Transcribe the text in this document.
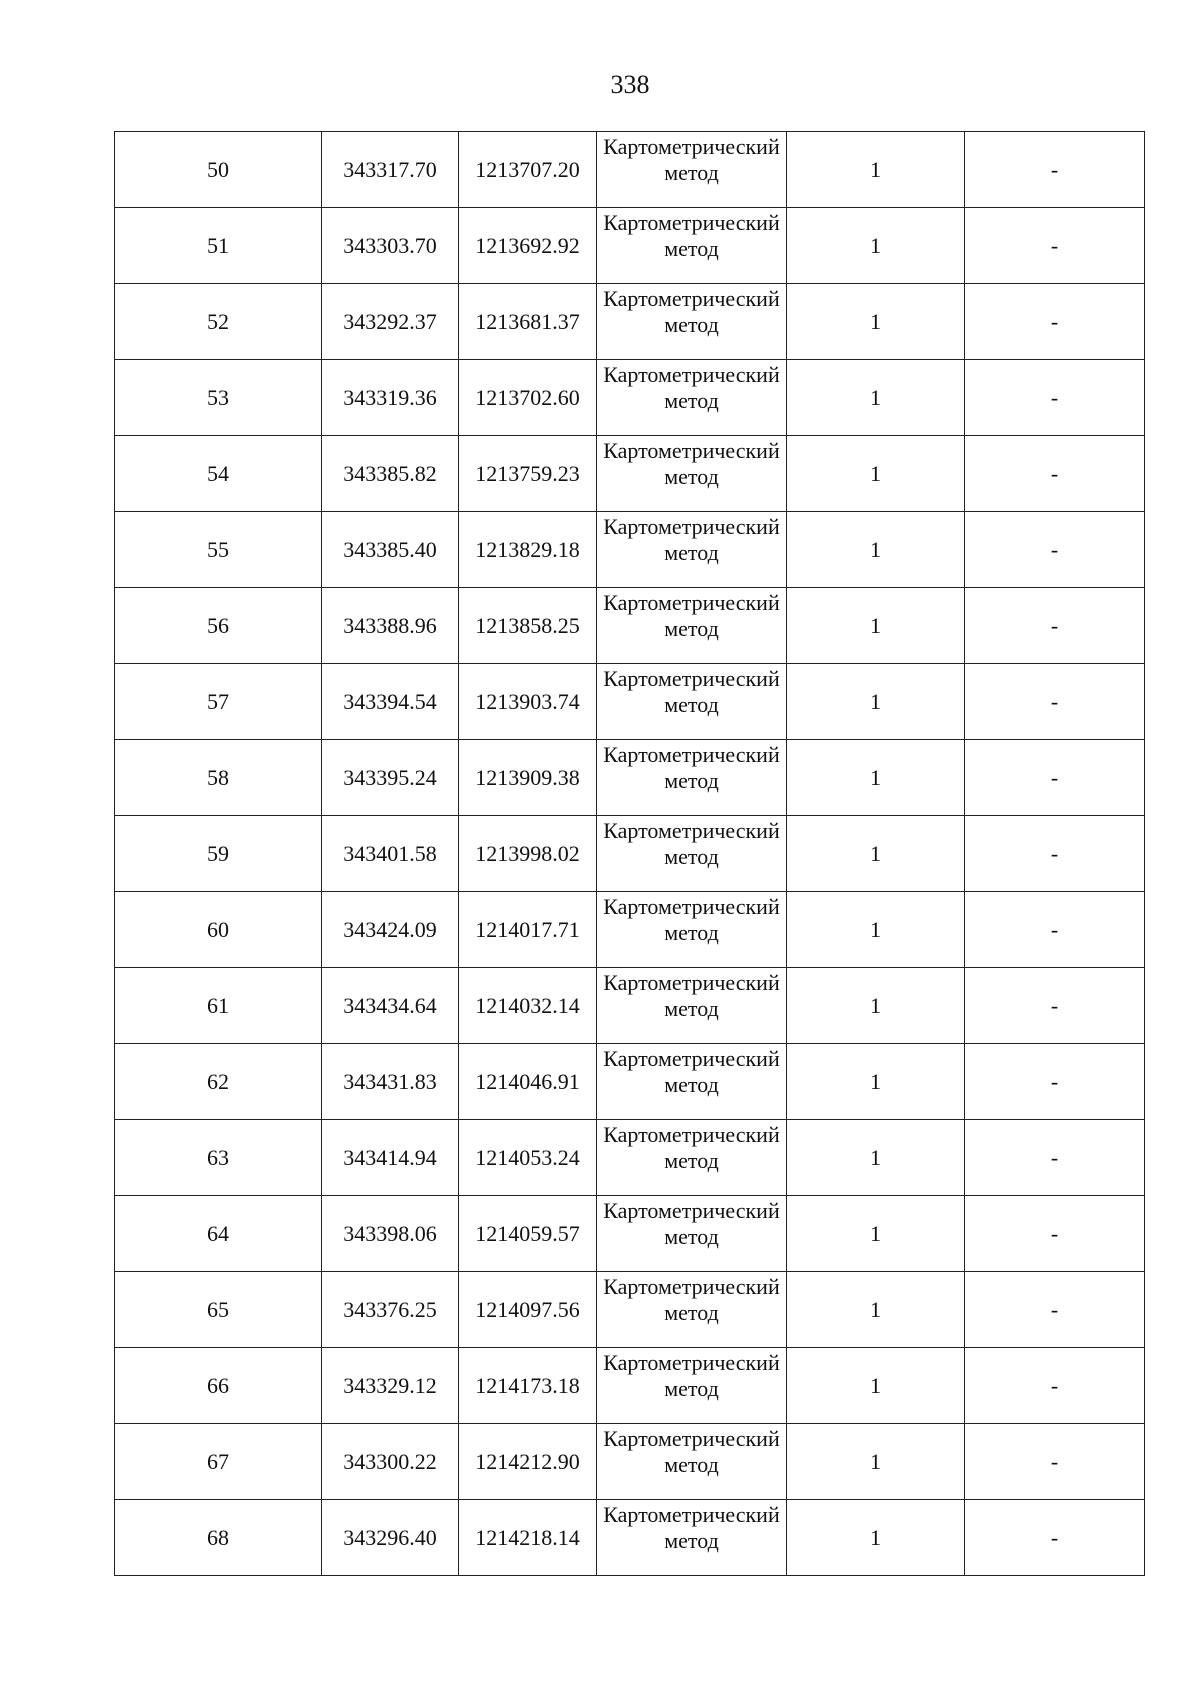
338
50	343317.70	1213707.20	Картометрический метод	1	-
51	343303.70	1213692.92	Картометрический метод	1	-
52	343292.37	1213681.37	Картометрический метод	1	-
53	343319.36	1213702.60	Картометрический метод	1	-
54	343385.82	1213759.23	Картометрический метод	1	-
55	343385.40	1213829.18	Картометрический метод	1	-
56	343388.96	1213858.25	Картометрический метод	1	-
57	343394.54	1213903.74	Картометрический метод	1	-
58	343395.24	1213909.38	Картометрический метод	1	-
59	343401.58	1213998.02	Картометрический метод	1	-
60	343424.09	1214017.71	Картометрический метод	1	-
61	343434.64	1214032.14	Картометрический метод	1	-
62	343431.83	1214046.91	Картометрический метод	1	-
63	343414.94	1214053.24	Картометрический метод	1	-
64	343398.06	1214059.57	Картометрический метод	1	-
65	343376.25	1214097.56	Картометрический метод	1	-
66	343329.12	1214173.18	Картометрический метод	1	-
67	343300.22	1214212.90	Картометрический метод	1	-
68	343296.40	1214218.14	Картометрический метод	1	-
